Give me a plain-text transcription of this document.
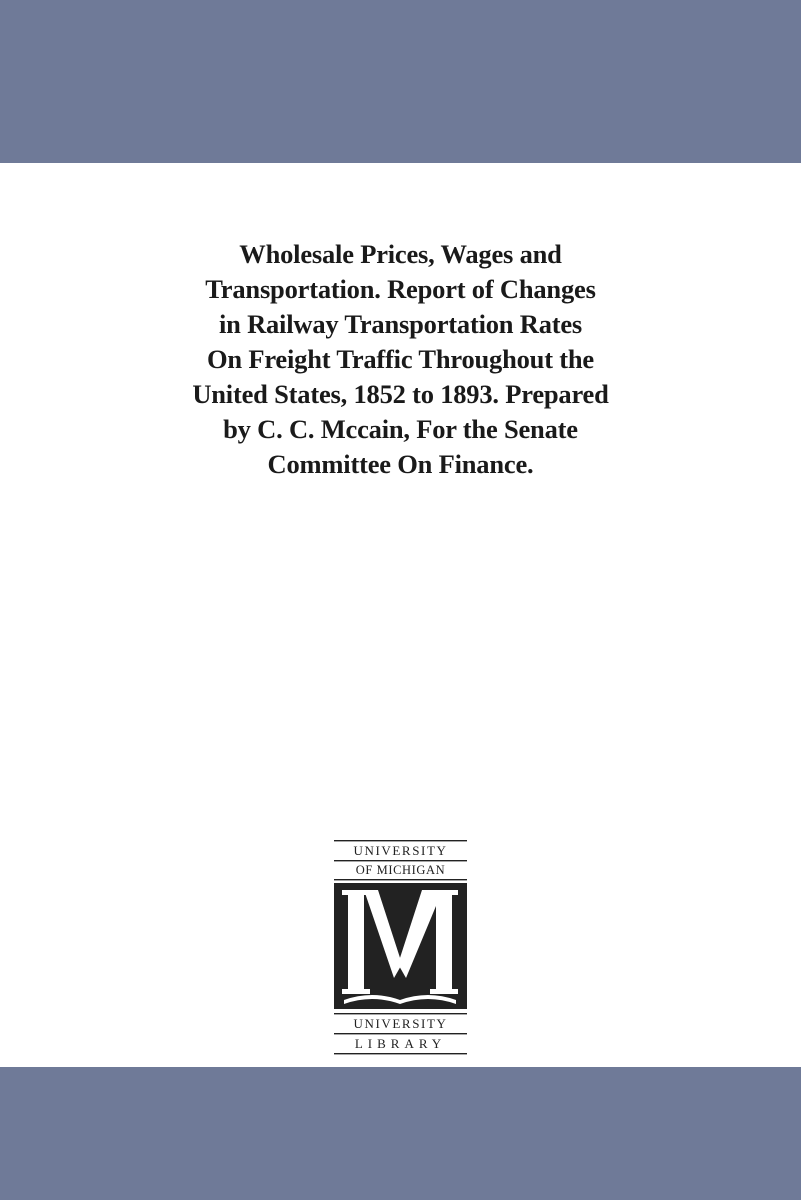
Wholesale Prices, Wages and
Transportation. Report of Changes
in Railway Transportation Rates
On Freight Traffic Throughout the
United States, 1852 to 1893. Prepared
by C. C. Mccain, For the Senate
Committee On Finance.
UNIVERSITY
OF MICHIGAN
UNIVERSITY
LIBRARY
